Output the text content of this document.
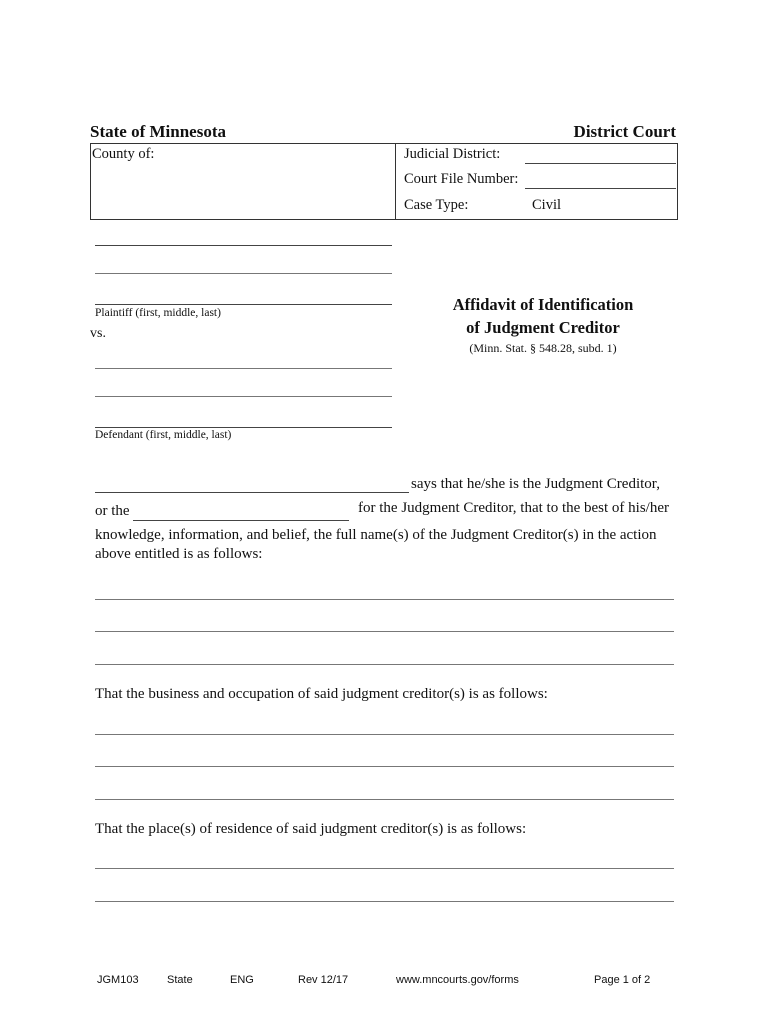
State of Minnesota	District Court
County of:	Judicial District:
Court File Number:
Case Type:	Civil
Plaintiff (first, middle, last)
vs.
Defendant (first, middle, last)
Affidavit of Identification
of Judgment Creditor
(Minn. Stat. § 548.28, subd. 1)
says that he/she is the Judgment Creditor,
or the	for the Judgment Creditor, that to the best of his/her
knowledge, information, and belief, the full name(s) of the Judgment Creditor(s) in the action
above entitled is as follows:
That the business and occupation of said judgment creditor(s) is as follows:
That the place(s) of residence of said judgment creditor(s) is as follows:
JGM103	State	ENG	Rev 12/17	www.mncourts.gov/forms	Page 1 of 2
